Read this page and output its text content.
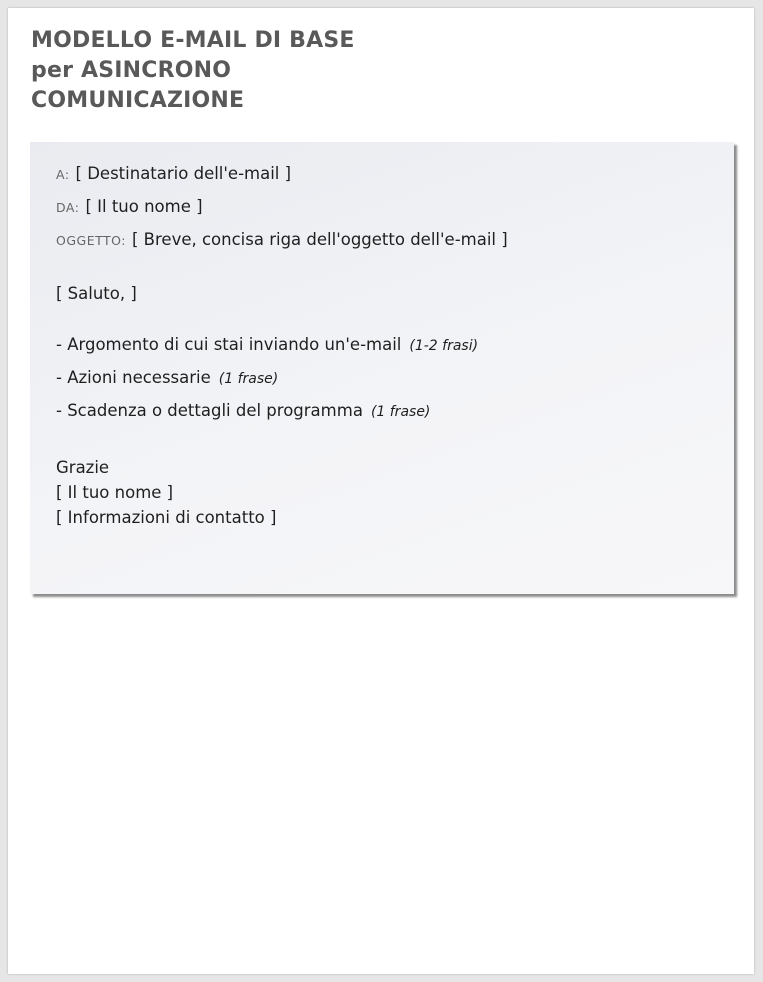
MODELLO E-MAIL DI BASE
per ASINCRONO
COMUNICAZIONE
A: [ Destinatario dell'e-mail ]
DA: [ Il tuo nome ]
OGGETTO: [ Breve, concisa riga dell'oggetto dell'e-mail ]
[ Saluto, ]
- Argomento di cui stai inviando un'e-mail (1-2 frasi)
- Azioni necessarie (1 frase)
- Scadenza o dettagli del programma (1 frase)
Grazie
[ Il tuo nome ]
[ Informazioni di contatto ]
